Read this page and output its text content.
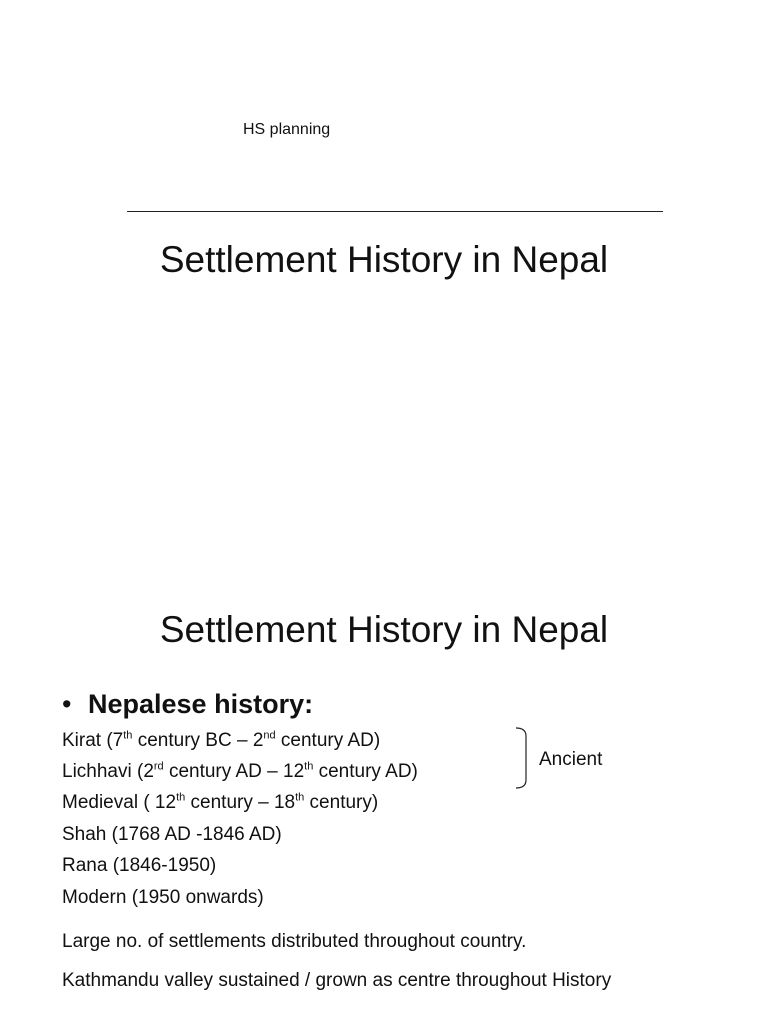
HS planning
Settlement History in Nepal
Settlement History in Nepal
• Nepalese history:
Kirat (7th century BC – 2nd century AD)
Lichhavi (2rd century AD – 12th century AD)
Medieval ( 12th century – 18th century)
Shah (1768 AD -1846 AD)
Rana (1846-1950)
Modern (1950 onwards)
Ancient
Large no. of settlements distributed throughout country.
Kathmandu valley sustained / grown as centre throughout History
